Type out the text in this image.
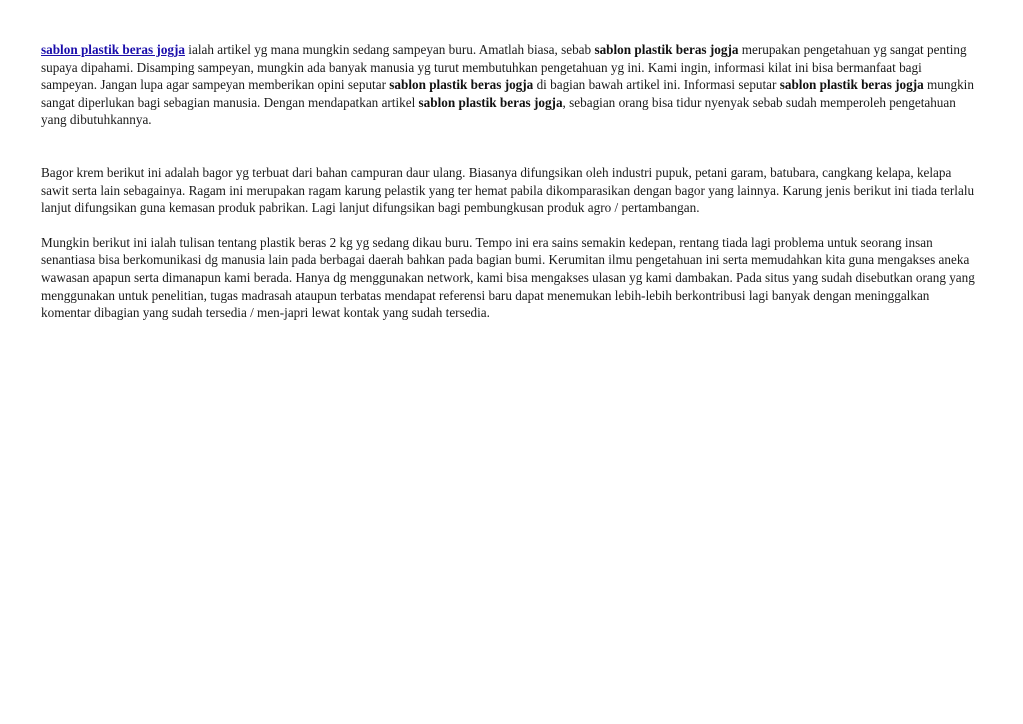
sablon plastik beras jogja ialah artikel yg mana mungkin sedang sampeyan buru. Amatlah biasa, sebab sablon plastik beras jogja merupakan pengetahuan yg sangat penting supaya dipahami. Disamping sampeyan, mungkin ada banyak manusia yg turut membutuhkan pengetahuan yg ini. Kami ingin, informasi kilat ini bisa bermanfaat bagi sampeyan. Jangan lupa agar sampeyan memberikan opini seputar sablon plastik beras jogja di bagian bawah artikel ini. Informasi seputar sablon plastik beras jogja mungkin sangat diperlukan bagi sebagian manusia. Dengan mendapatkan artikel sablon plastik beras jogja, sebagian orang bisa tidur nyenyak sebab sudah memperoleh pengetahuan yang dibutuhkannya.

Bagor krem berikut ini adalah bagor yg terbuat dari bahan campuran daur ulang. Biasanya difungsikan oleh industri pupuk, petani garam, batubara, cangkang kelapa, kelapa sawit serta lain sebagainya. Ragam ini merupakan ragam karung pelastik yang ter hemat pabila dikomparasikan dengan bagor yang lainnya. Karung jenis berikut ini tiada terlalu lanjut difungsikan guna kemasan produk pabrikan. Lagi lanjut difungsikan bagi pembungkusan produk agro / pertambangan.

Mungkin berikut ini ialah tulisan tentang plastik beras 2 kg yg sedang dikau buru. Tempo ini era sains semakin kedepan, rentang tiada lagi problema untuk seorang insan senantiasa bisa berkomunikasi dg manusia lain pada berbagai daerah bahkan pada bagian bumi. Kerumitan ilmu pengetahuan ini serta memudahkan kita guna mengakses aneka wawasan apapun serta dimanapun kami berada. Hanya dg menggunakan network, kami bisa mengakses ulasan yg kami dambakan. Pada situs yang sudah disebutkan orang yang menggunakan untuk penelitian, tugas madrasah ataupun terbatas mendapat referensi baru dapat menemukan lebih-lebih berkontribusi lagi banyak dengan meninggalkan komentar dibagian yang sudah tersedia / men-japri lewat kontak yang sudah tersedia.
